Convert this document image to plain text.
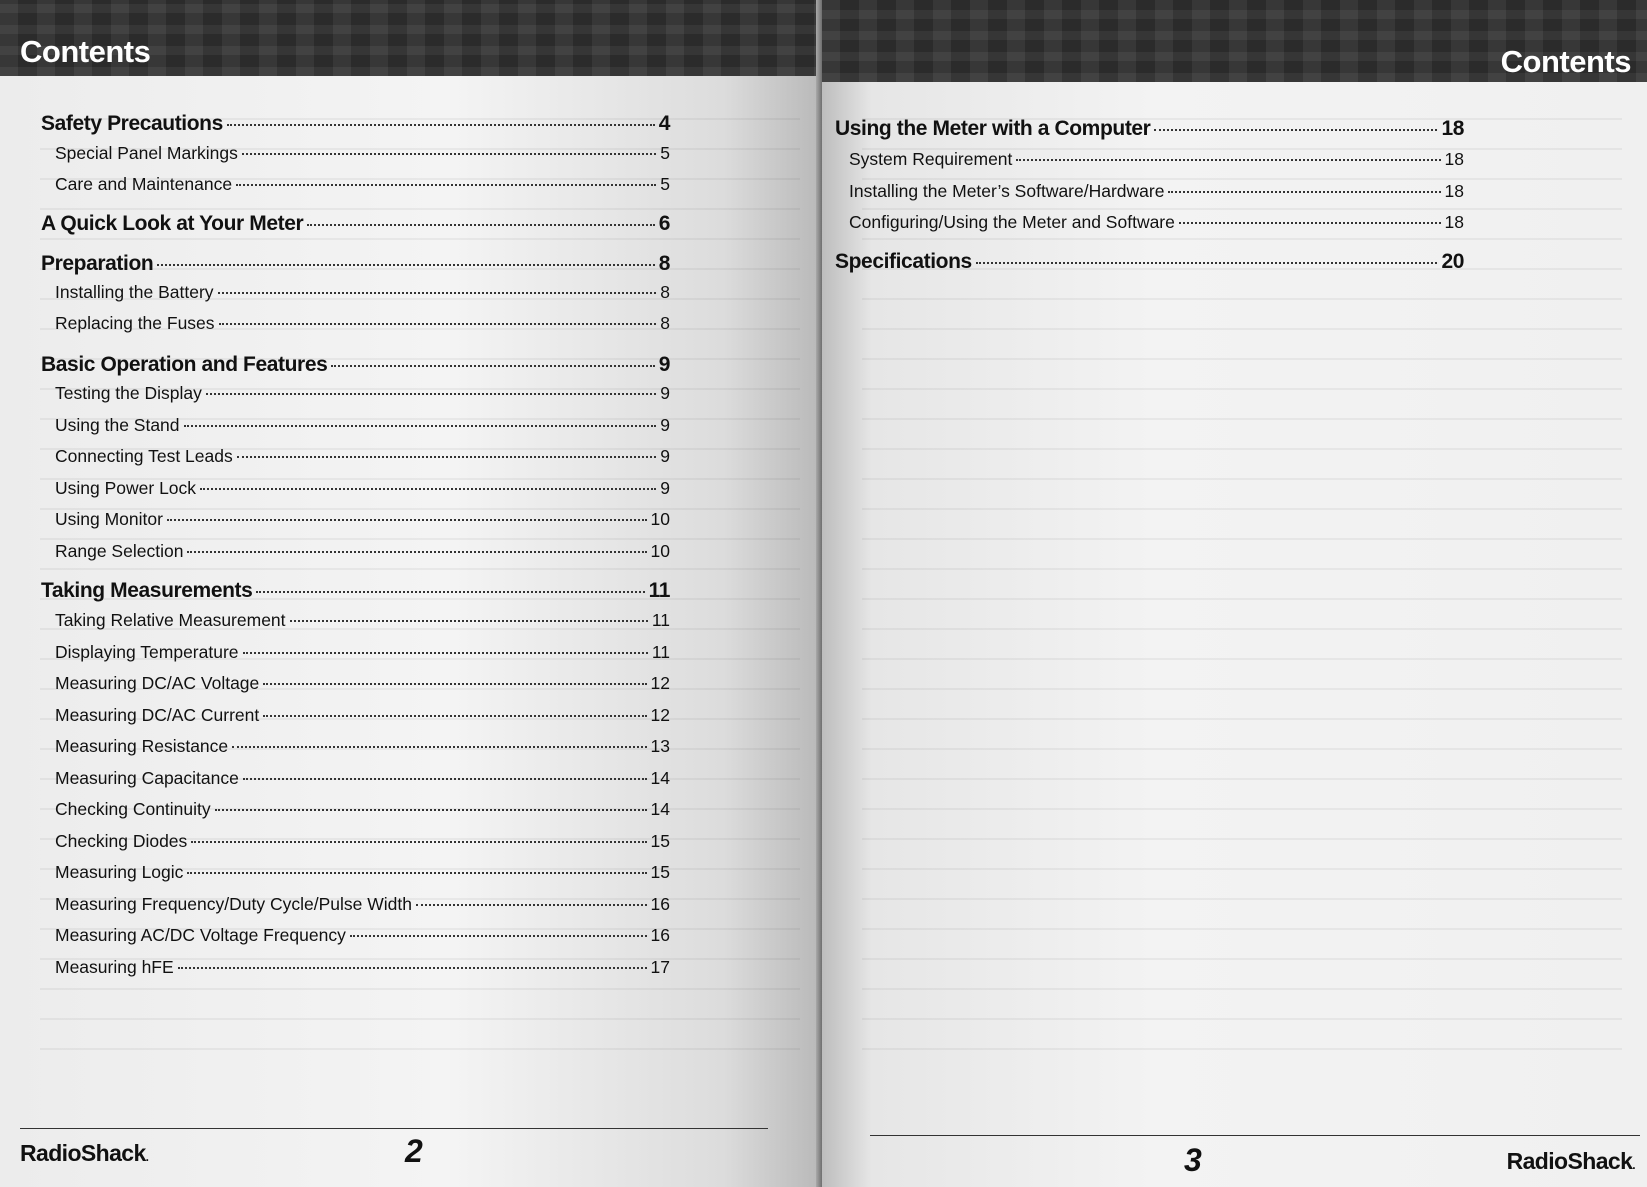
Contents
Safety Precautions	4
Special Panel Markings	5
Care and Maintenance	5
A Quick Look at Your Meter	6
Preparation	8
Installing the Battery	8
Replacing the Fuses	8
Basic Operation and Features	9
Testing the Display	9
Using the Stand	9
Connecting Test Leads	9
Using Power Lock	9
Using Monitor	10
Range Selection	10
Taking Measurements	11
Taking Relative Measurement	11
Displaying Temperature	11
Measuring DC/AC Voltage	12
Measuring DC/AC Current	12
Measuring Resistance	13
Measuring Capacitance	14
Checking Continuity	14
Checking Diodes	15
Measuring Logic	15
Measuring Frequency/Duty Cycle/Pulse Width	16
Measuring AC/DC Voltage Frequency	16
Measuring hFE	17
RadioShack.	2
Contents
Using the Meter with a Computer	18
System Requirement	18
Installing the Meter’s Software/Hardware	18
Configuring/Using the Meter and Software	18
Specifications	20
3	RadioShack.
